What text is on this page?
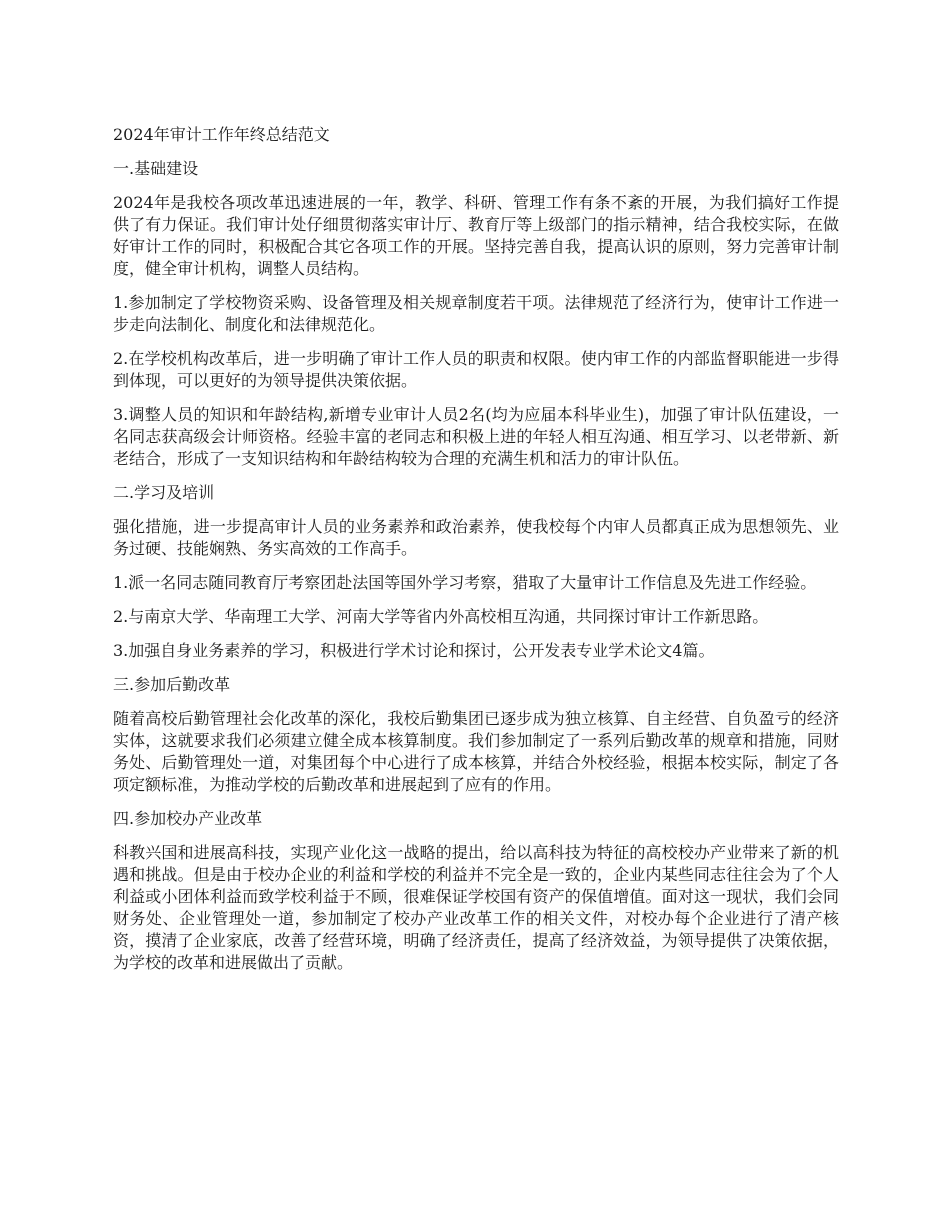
2024年审计工作年终总结范文

一.基础建设

2024年是我校各项改革迅速进展的一年，教学、科研、管理工作有条不紊的开展，为我们搞好工作提供了有力保证。我们审计处仔细贯彻落实审计厅、教育厅等上级部门的指示精神，结合我校实际，在做好审计工作的同时，积极配合其它各项工作的开展。坚持完善自我，提高认识的原则，努力完善审计制度，健全审计机构，调整人员结构。

1.参加制定了学校物资采购、设备管理及相关规章制度若干项。法律规范了经济行为，使审计工作进一步走向法制化、制度化和法律规范化。

2.在学校机构改革后，进一步明确了审计工作人员的职责和权限。使内审工作的内部监督职能进一步得到体现，可以更好的为领导提供决策依据。

3.调整人员的知识和年龄结构,新增专业审计人员2名(均为应届本科毕业生)，加强了审计队伍建设，一名同志获高级会计师资格。经验丰富的老同志和积极上进的年轻人相互沟通、相互学习、以老带新、新老结合，形成了一支知识结构和年龄结构较为合理的充满生机和活力的审计队伍。

二.学习及培训

强化措施，进一步提高审计人员的业务素养和政治素养，使我校每个内审人员都真正成为思想领先、业务过硬、技能娴熟、务实高效的工作高手。

1.派一名同志随同教育厅考察团赴法国等国外学习考察，猎取了大量审计工作信息及先进工作经验。

2.与南京大学、华南理工大学、河南大学等省内外高校相互沟通，共同探讨审计工作新思路。

3.加强自身业务素养的学习，积极进行学术讨论和探讨，公开发表专业学术论文4篇。

三.参加后勤改革

随着高校后勤管理社会化改革的深化，我校后勤集团已逐步成为独立核算、自主经营、自负盈亏的经济实体，这就要求我们必须建立健全成本核算制度。我们参加制定了一系列后勤改革的规章和措施，同财务处、后勤管理处一道，对集团每个中心进行了成本核算，并结合外校经验，根据本校实际，制定了各项定额标准，为推动学校的后勤改革和进展起到了应有的作用。

四.参加校办产业改革

科教兴国和进展高科技，实现产业化这一战略的提出，给以高科技为特征的高校校办产业带来了新的机遇和挑战。但是由于校办企业的利益和学校的利益并不完全是一致的，企业内某些同志往往会为了个人利益或小团体利益而致学校利益于不顾，很难保证学校国有资产的保值增值。面对这一现状，我们会同财务处、企业管理处一道，参加制定了校办产业改革工作的相关文件，对校办每个企业进行了清产核资，摸清了企业家底，改善了经营环境，明确了经济责任，提高了经济效益，为领导提供了决策依据，为学校的改革和进展做出了贡献。
